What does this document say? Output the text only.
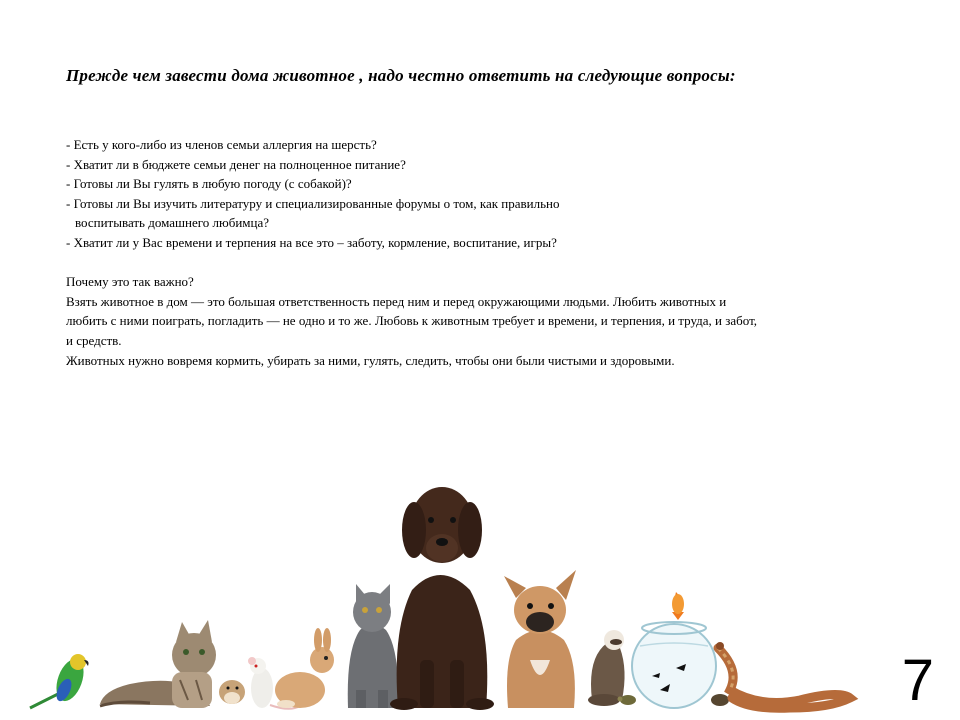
Прежде чем завести дома животное , надо честно ответить на следующие вопросы:
- Есть у кого-либо из членов семьи аллергия на шерсть?
- Хватит ли в бюджете семьи денег на полноценное питание?
- Готовы ли Вы гулять в любую погоду (с собакой)?
- Готовы ли Вы изучить литературу и специализированные форумы о том, как правильно
воспитывать домашнего любимца?
- Хватит ли у Вас времени и терпения на все это – заботу, кормление, воспитание, игры?
Почему это так важно?
Взять животное в дом — это большая ответственность перед ним и перед окружающими людьми. Любить животных и
любить с ними поиграть, погладить — не одно и то же. Любовь к животным требует и времени, и терпения, и труда, и забот,
и средств.
Животных нужно вовремя кормить, убирать за ними, гулять, следить, чтобы они были чистыми и здоровыми.
7
